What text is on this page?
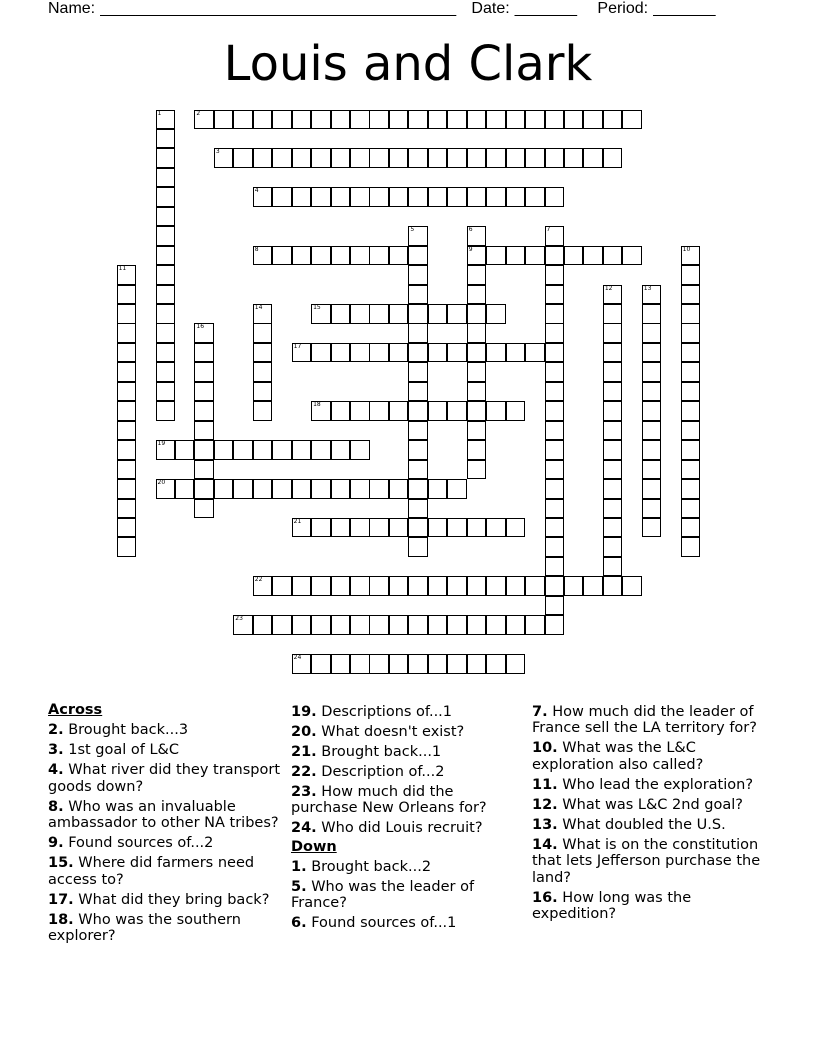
Name: ________________________________________ Date: _______ Period: _______
Louis and Clark
1	2
3
4
5	6
9
7
8	10
11
12	13
14	15
16
17
18
19
20
21
22
23
24
Across
2. Brought back...3
3. 1st goal of L&C
4. What river did they transport goods down?
8. Who was an invaluable ambassador to other NA tribes?
9. Found sources of...2
15. Where did farmers need access to?
17. What did they bring back?
18. Who was the southern explorer?
19. Descriptions of...1
20. What doesn't exist?
21. Brought back...1
22. Description of...2
23. How much did the purchase New Orleans for?
24. Who did Louis recruit?
Down
1. Brought back...2
5. Who was the leader of France?
6. Found sources of...1
7. How much did the leader of France sell the LA territory for?
10. What was the L&C exploration also called?
11. Who lead the exploration?
12. What was L&C 2nd goal?
13. What doubled the U.S.
14. What is on the constitution that lets Jefferson purchase the land?
16. How long was the expedition?
